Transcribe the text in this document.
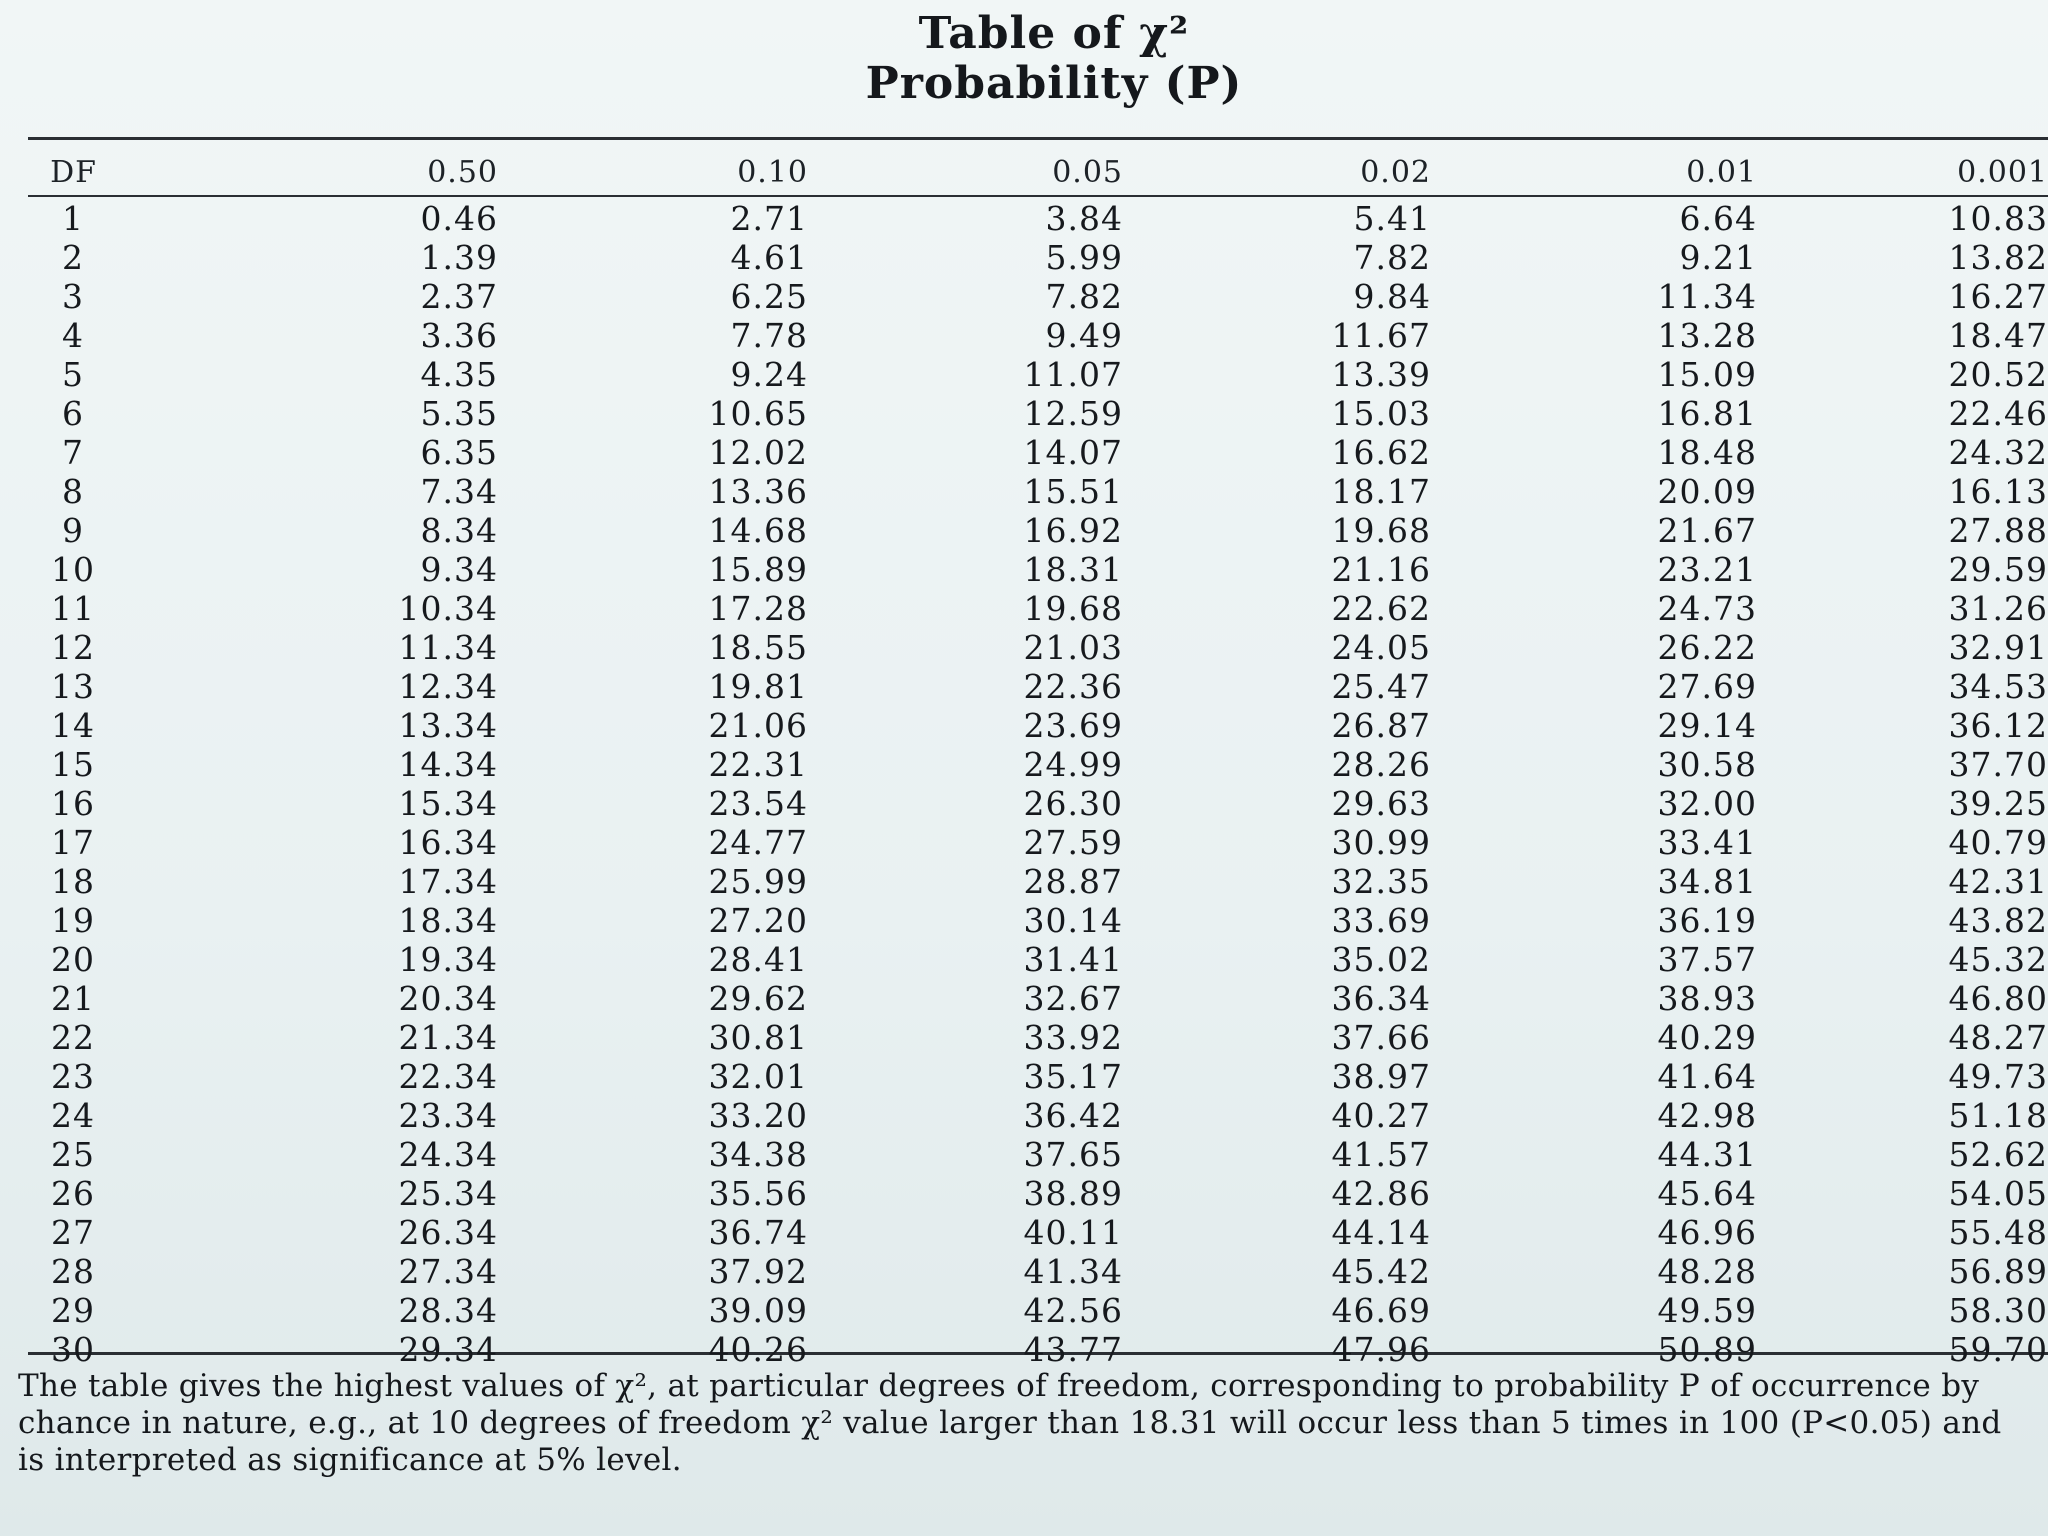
Table of χ²
Probability (P)
DF	0.50	0.10	0.05	0.02	0.01	0.001
1	0.46	2.71	3.84	5.41	6.64	10.83
2	1.39	4.61	5.99	7.82	9.21	13.82
3	2.37	6.25	7.82	9.84	11.34	16.27
4	3.36	7.78	9.49	11.67	13.28	18.47
5	4.35	9.24	11.07	13.39	15.09	20.52
6	5.35	10.65	12.59	15.03	16.81	22.46
7	6.35	12.02	14.07	16.62	18.48	24.32
8	7.34	13.36	15.51	18.17	20.09	16.13
9	8.34	14.68	16.92	19.68	21.67	27.88
10	9.34	15.89	18.31	21.16	23.21	29.59
11	10.34	17.28	19.68	22.62	24.73	31.26
12	11.34	18.55	21.03	24.05	26.22	32.91
13	12.34	19.81	22.36	25.47	27.69	34.53
14	13.34	21.06	23.69	26.87	29.14	36.12
15	14.34	22.31	24.99	28.26	30.58	37.70
16	15.34	23.54	26.30	29.63	32.00	39.25
17	16.34	24.77	27.59	30.99	33.41	40.79
18	17.34	25.99	28.87	32.35	34.81	42.31
19	18.34	27.20	30.14	33.69	36.19	43.82
20	19.34	28.41	31.41	35.02	37.57	45.32
21	20.34	29.62	32.67	36.34	38.93	46.80
22	21.34	30.81	33.92	37.66	40.29	48.27
23	22.34	32.01	35.17	38.97	41.64	49.73
24	23.34	33.20	36.42	40.27	42.98	51.18
25	24.34	34.38	37.65	41.57	44.31	52.62
26	25.34	35.56	38.89	42.86	45.64	54.05
27	26.34	36.74	40.11	44.14	46.96	55.48
28	27.34	37.92	41.34	45.42	48.28	56.89
29	28.34	39.09	42.56	46.69	49.59	58.30
30	29.34	40.26	43.77	47.96	50.89	59.70
The table gives the highest values of χ², at particular degrees of freedom, corresponding to probability P of occurrence by chance in nature, e.g., at 10 degrees of freedom χ² value larger than 18.31 will occur less than 5 times in 100 (P<0.05) and is interpreted as significance at 5% level.
